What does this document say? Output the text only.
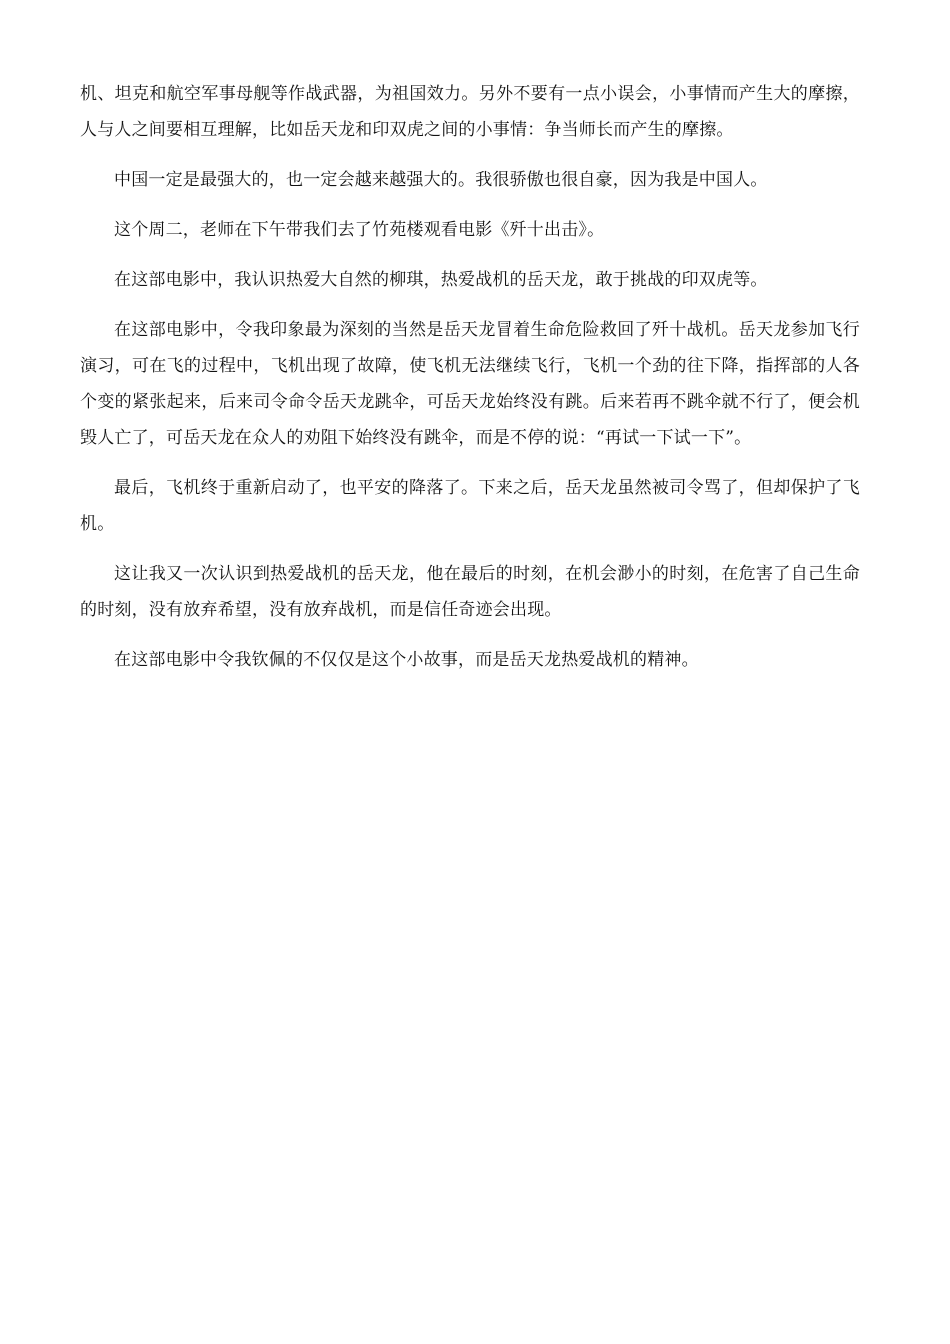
机、坦克和航空军事母舰等作战武器，为祖国效力。另外不要有一点小误会，小事情而产生大的摩擦，人与人之间要相互理解，比如岳天龙和印双虎之间的小事情：争当师长而产生的摩擦。

中国一定是最强大的，也一定会越来越强大的。我很骄傲也很自豪，因为我是中国人。

这个周二，老师在下午带我们去了竹苑楼观看电影《歼十出击》。

在这部电影中，我认识热爱大自然的柳琪，热爱战机的岳天龙，敢于挑战的印双虎等。

在这部电影中，令我印象最为深刻的当然是岳天龙冒着生命危险救回了歼十战机。岳天龙参加飞行演习，可在飞的过程中，飞机出现了故障，使飞机无法继续飞行，飞机一个劲的往下降，指挥部的人各个变的紧张起来，后来司令命令岳天龙跳伞，可岳天龙始终没有跳。后来若再不跳伞就不行了，便会机毁人亡了，可岳天龙在众人的劝阻下始终没有跳伞，而是不停的说：“再试一下试一下”。

最后，飞机终于重新启动了，也平安的降落了。下来之后，岳天龙虽然被司令骂了，但却保护了飞机。

这让我又一次认识到热爱战机的岳天龙，他在最后的时刻，在机会渺小的时刻，在危害了自己生命的时刻，没有放弃希望，没有放弃战机，而是信任奇迹会出现。

在这部电影中令我钦佩的不仅仅是这个小故事，而是岳天龙热爱战机的精神。
